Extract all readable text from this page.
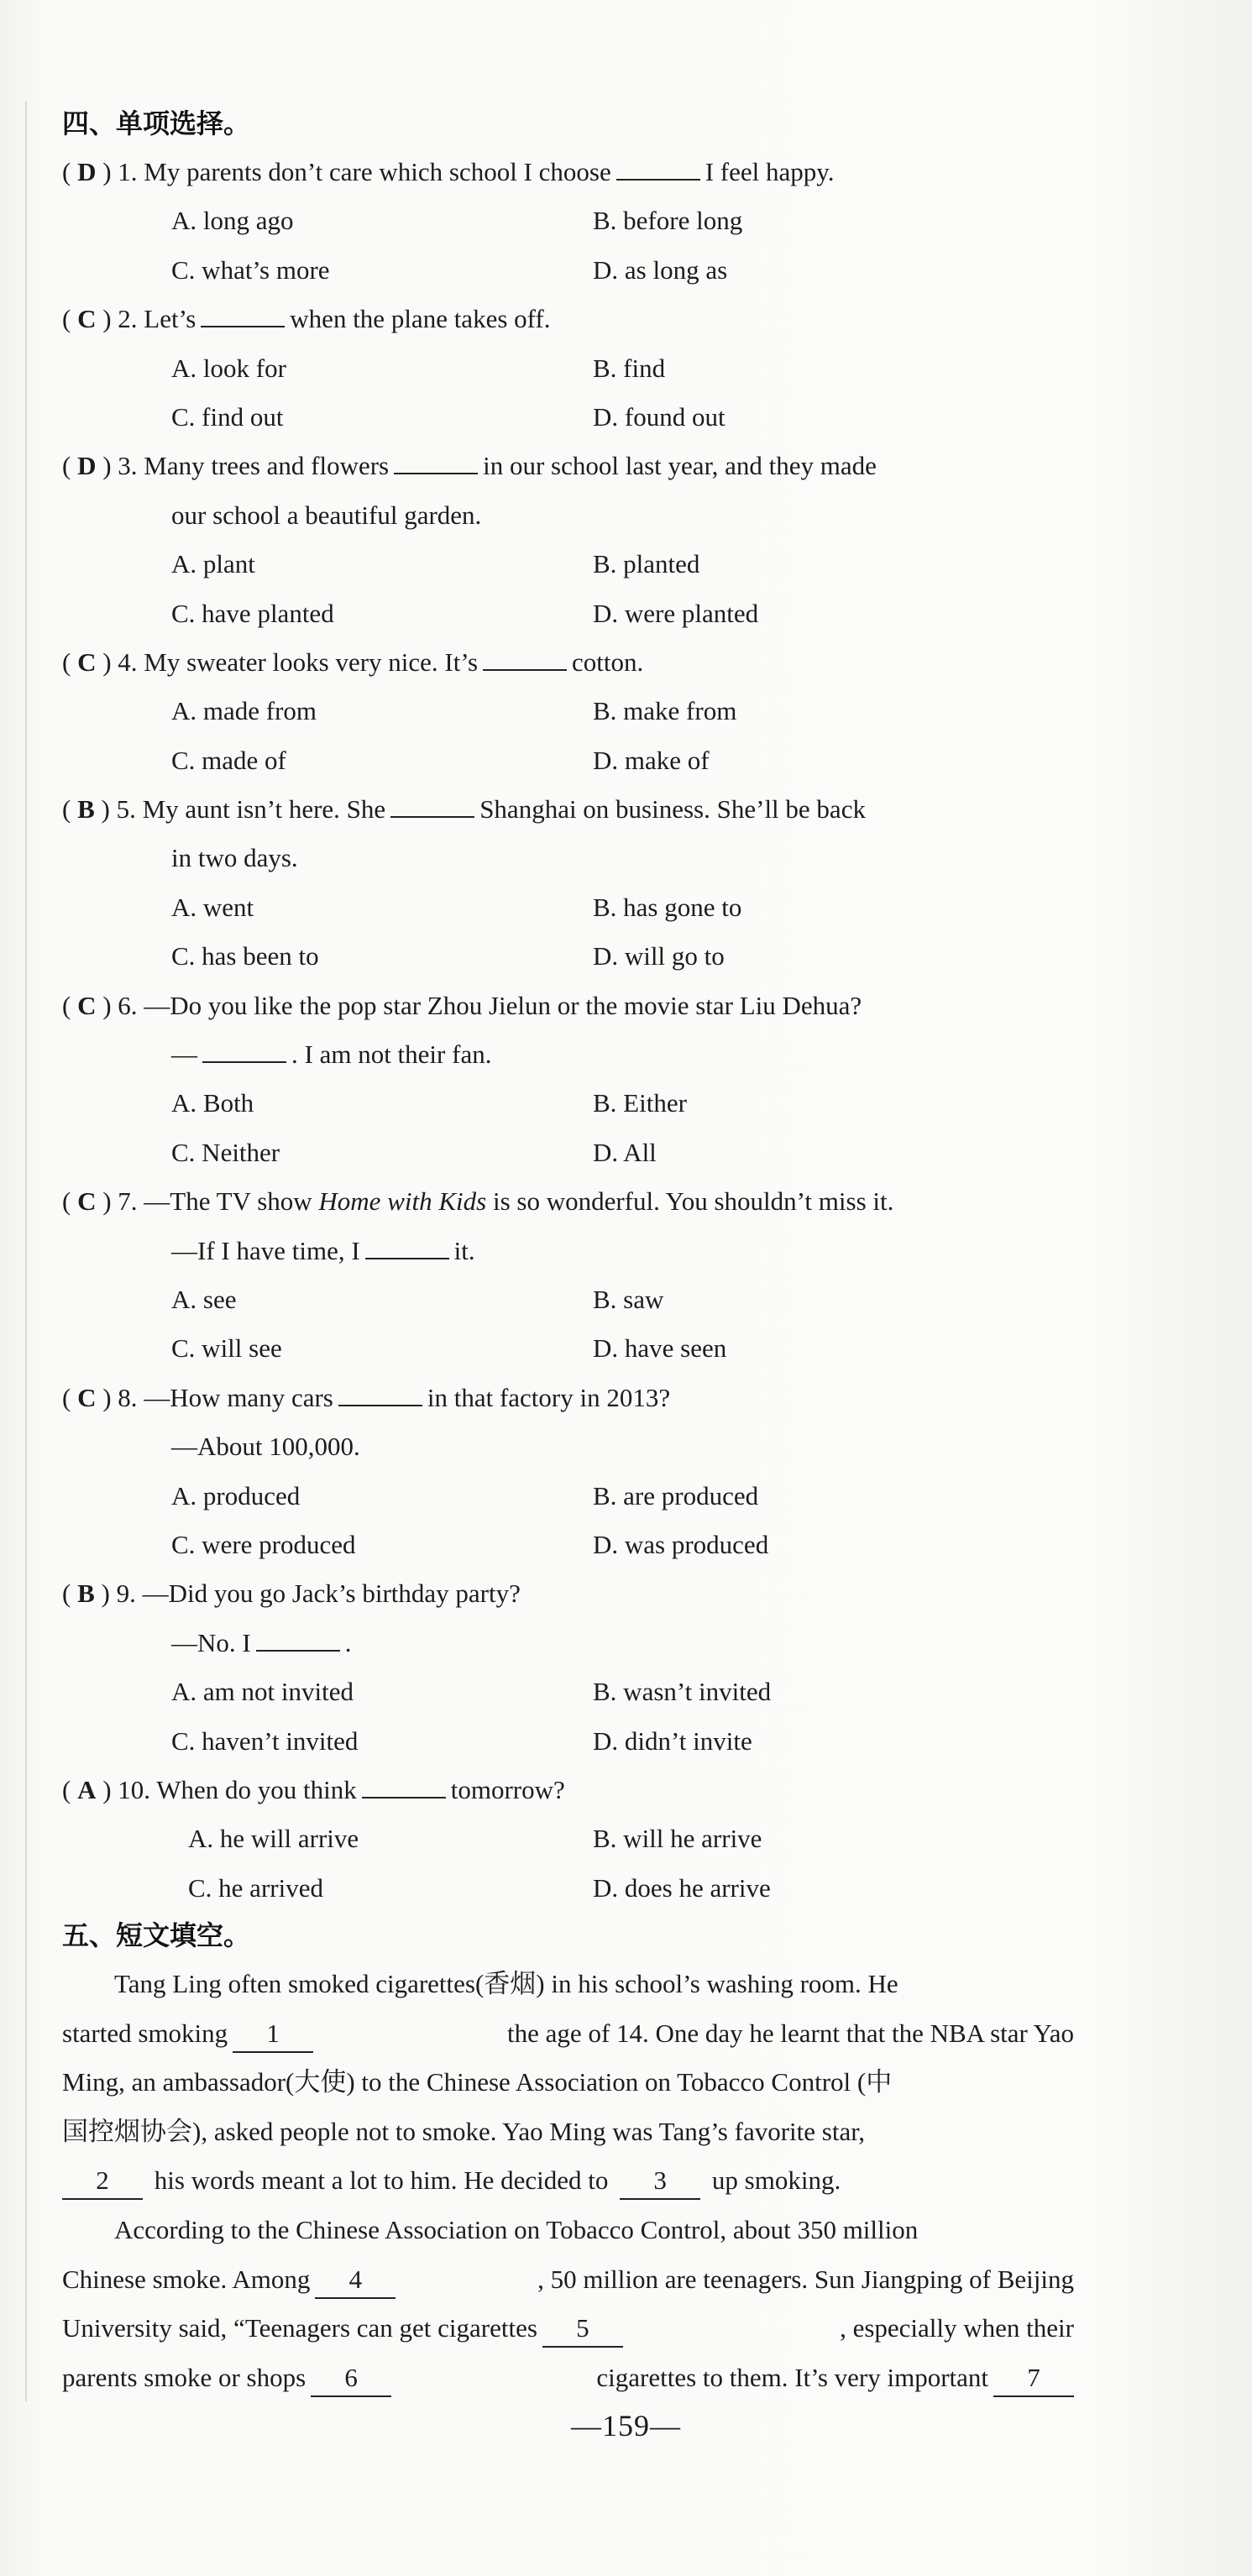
四、单项选择。
( D ) 1. My parents don’t care which school I choose	I feel happy.
A. long ago	B. before long
C. what’s more	D. as long as
( C ) 2. Let’s	when the plane takes off.
A. look for	B. find
C. find out	D. found out
( D ) 3. Many trees and flowers	in our school last year, and they made
our school a beautiful garden.
A. plant	B. planted
C. have planted	D. were planted
( C ) 4. My sweater looks very nice. It’s	cotton.
A. made from	B. make from
C. made of	D. make of
( B ) 5. My aunt isn’t here. She	Shanghai on business. She’ll be back
in two days.
A. went	B. has gone to
C. has been to	D. will go to
( C ) 6. —Do you like the pop star Zhou Jielun or the movie star Liu Dehua?
—	. I am not their fan.
A. Both	B. Either
C. Neither	D. All
( C ) 7. —The TV show Home with Kids is so wonderful. You shouldn’t miss it.
—If I have time, I	it.
A. see	B. saw
C. will see	D. have seen
( C ) 8. —How many cars	in that factory in 2013?
—About 100,000.
A. produced	B. are produced
C. were produced	D. was produced
( B ) 9. —Did you go Jack’s birthday party?
—No. I	.
A. am not invited	B. wasn’t invited
C. haven’t invited	D. didn’t invite
( A ) 10. When do you think	tomorrow?
A. he will arrive	B. will he arrive
C. he arrived	D. does he arrive
五、短文填空。
Tang Ling often smoked cigarettes(香烟) in his school’s washing room. He
started smoking 1	the age of 14. One day he learnt that the NBA star Yao
Ming, an ambassador(大使) to the Chinese Association on Tobacco Control (中
国控烟协会), asked people not to smoke. Yao Ming was Tang’s favorite star,
2 his words meant a lot to him. He decided to 3 up smoking.
According to the Chinese Association on Tobacco Control, about 350 million
Chinese smoke. Among 4	, 50 million are teenagers. Sun Jiangping of Beijing
University said, “Teenagers can get cigarettes 5	, especially when their
parents smoke or shops 6	cigarettes to them. It’s very important 7
—159—
